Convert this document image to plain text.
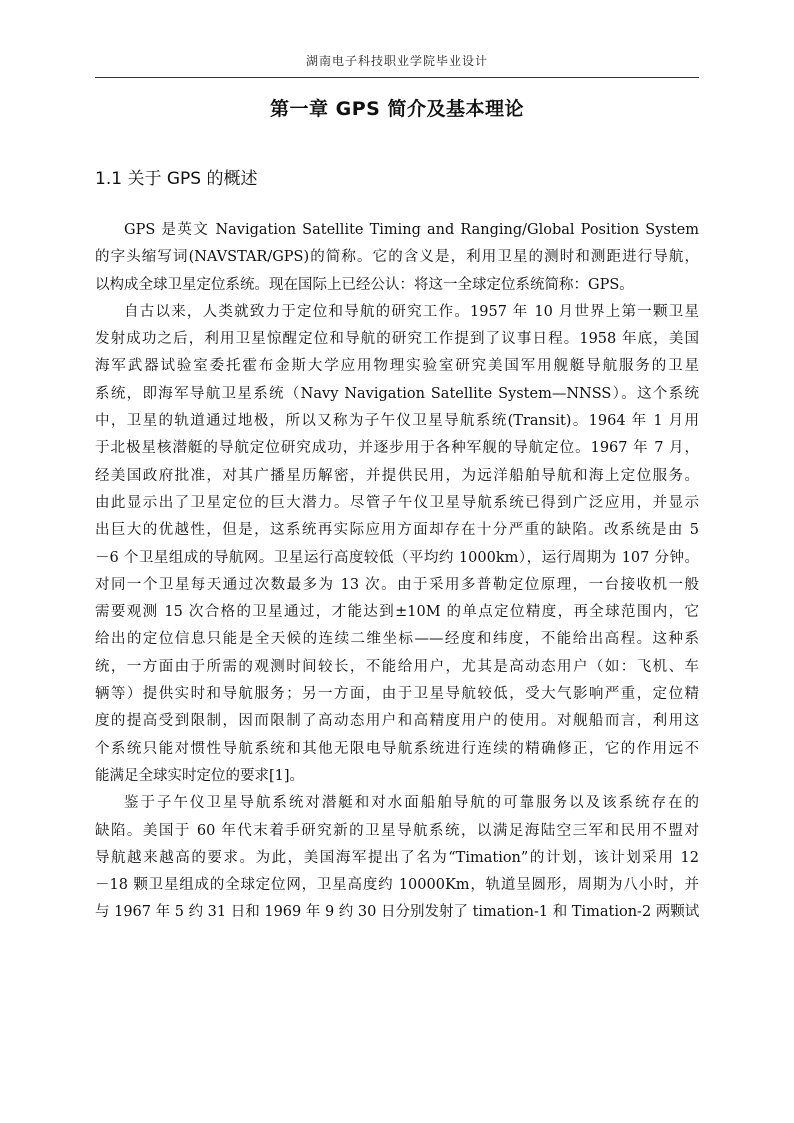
湖南电子科技职业学院毕业设计
第一章 GPS 简介及基本理论
1.1 关于 GPS 的概述
GPS 是英文 Navigation Satellite Timing and Ranging/Global Position System
的字头缩写词(NAVSTAR/GPS)的简称。它的含义是，利用卫星的测时和测距进行导航，
以构成全球卫星定位系统。现在国际上已经公认：将这一全球定位系统简称：GPS。
自古以来，人类就致力于定位和导航的研究工作。1957 年 10 月世界上第一颗卫星
发射成功之后，利用卫星惊醒定位和导航的研究工作提到了议事日程。1958 年底，美国
海军武器试验室委托霍布金斯大学应用物理实验室研究美国军用舰艇导航服务的卫星
系统，即海军导航卫星系统（Navy Navigation Satellite System—NNSS）。这个系统
中，卫星的轨道通过地极，所以又称为子午仪卫星导航系统(Transit)。1964 年 1 月用
于北极星核潜艇的导航定位研究成功，并逐步用于各种军舰的导航定位。1967 年 7 月，
经美国政府批准，对其广播星历解密，并提供民用，为远洋船舶导航和海上定位服务。
由此显示出了卫星定位的巨大潜力。尽管子午仪卫星导航系统已得到广泛应用，并显示
出巨大的优越性，但是，这系统再实际应用方面却存在十分严重的缺陷。改系统是由 5
－6 个卫星组成的导航网。卫星运行高度较低（平均约 1000km），运行周期为 107 分钟。
对同一个卫星每天通过次数最多为 13 次。由于采用多普勒定位原理，一台接收机一般
需要观测 15 次合格的卫星通过，才能达到±10M 的单点定位精度，再全球范围内，它
给出的定位信息只能是全天候的连续二维坐标——经度和纬度，不能给出高程。这种系
统，一方面由于所需的观测时间较长，不能给用户，尤其是高动态用户（如：飞机、车
辆等）提供实时和导航服务；另一方面，由于卫星导航较低，受大气影响严重，定位精
度的提高受到限制，因而限制了高动态用户和高精度用户的使用。对舰船而言，利用这
个系统只能对惯性导航系统和其他无限电导航系统进行连续的精确修正，它的作用远不
能满足全球实时定位的要求[1]。
鉴于子午仪卫星导航系统对潜艇和对水面船舶导航的可靠服务以及该系统存在的
缺陷。美国于 60 年代末着手研究新的卫星导航系统，以满足海陆空三军和民用不盟对
导航越来越高的要求。为此，美国海军提出了名为“Timation”的计划，该计划采用 12
－18 颗卫星组成的全球定位网，卫星高度约 10000Km，轨道呈圆形，周期为八小时，并
与 1967 年 5 约 31 日和 1969 年 9 约 30 日分别发射了 timation-1 和 Timation-2 两颗试
